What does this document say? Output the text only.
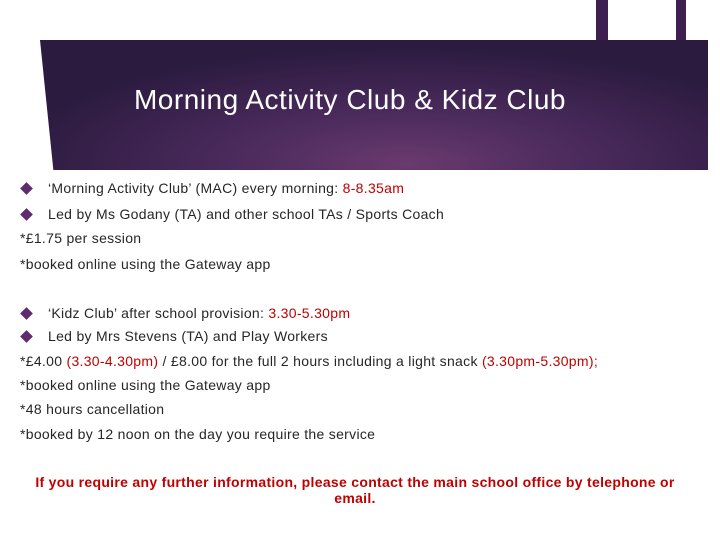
Morning Activity Club & Kidz Club
‘Morning Activity Club’ (MAC) every morning: 8-8.35am
Led by Ms Godany (TA) and other school TAs / Sports Coach
*£1.75 per session
*booked online using the Gateway app
‘Kidz Club’ after school provision: 3.30-5.30pm
Led by Mrs Stevens (TA) and Play Workers
*£4.00 (3.30-4.30pm) / £8.00 for the full 2 hours including a light snack (3.30pm-5.30pm);
*booked online using the Gateway app
*48 hours cancellation
*booked by 12 noon on the day you require the service
If you require any further information, please contact the main school office by telephone or email.
